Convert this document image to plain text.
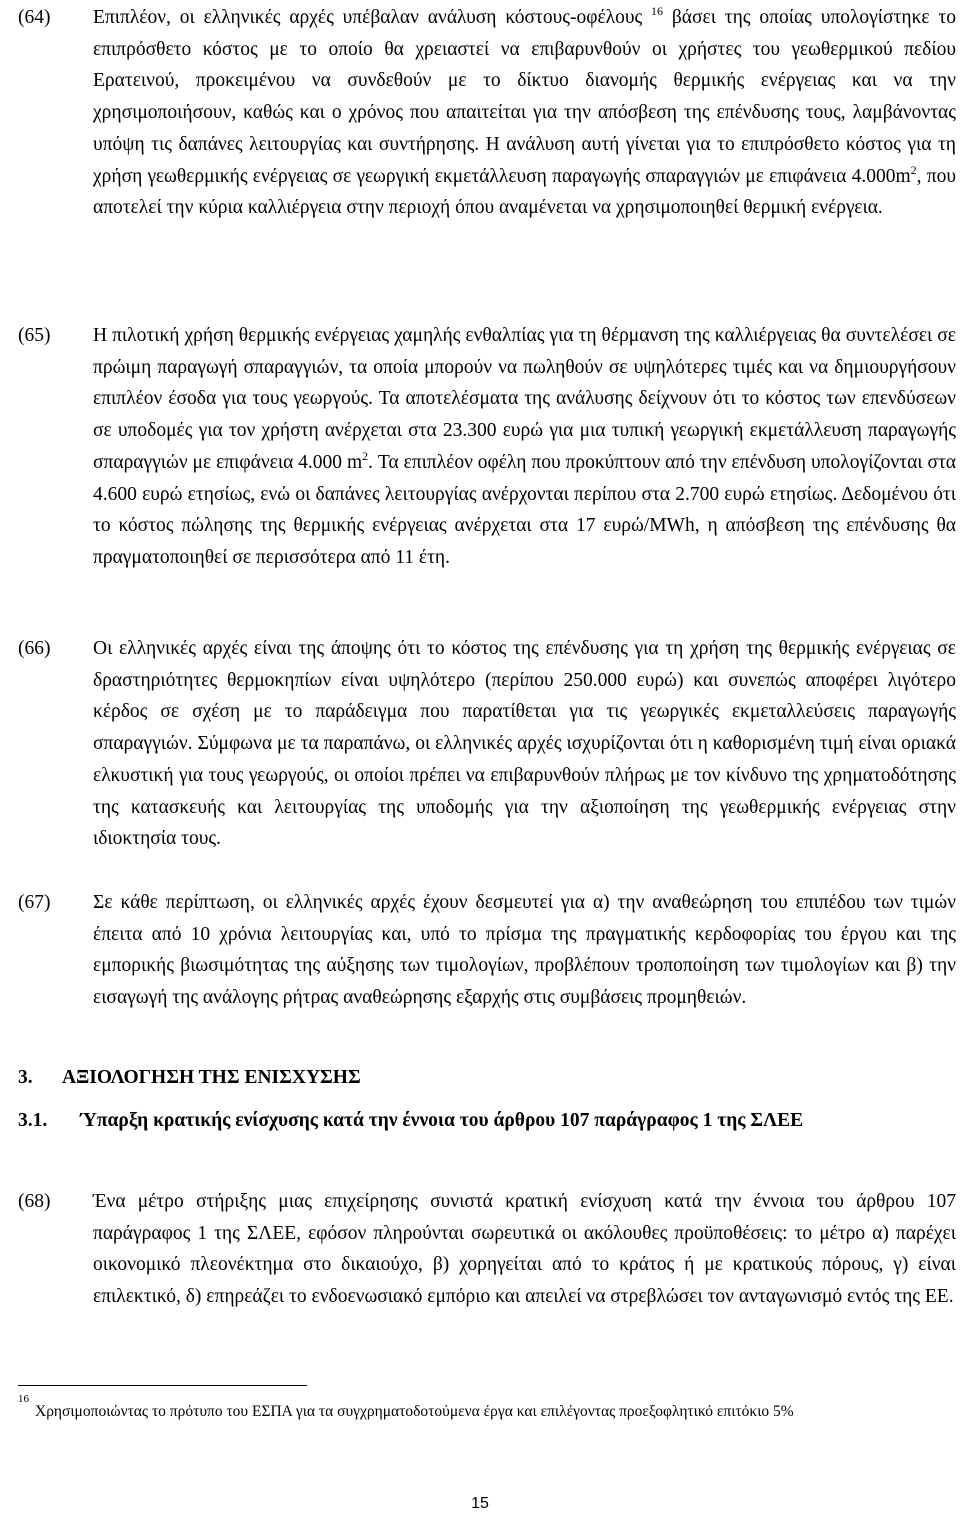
(64) Επιπλέον, οι ελληνικές αρχές υπέβαλαν ανάλυση κόστους-οφέλους $^{16}$ βάσει της οποίας υπολογίστηκε το επιπρόσθετο κόστος με το οποίο θα χρειαστεί να επιβαρυνθούν οι χρήστες του γεωθερμικού πεδίου Ερατεινού, προκειμένου να συνδεθούν με το δίκτυο διανομής θερμικής ενέργειας και να την χρησιμοποιήσουν, καθώς και ο χρόνος που απαιτείται για την απόσβεση της επένδυσης τους, λαμβάνοντας υπόψη τις δαπάνες λειτουργίας και συντήρησης. Η ανάλυση αυτή γίνεται για το επιπρόσθετο κόστος για τη χρήση γεωθερμικής ενέργειας σε γεωργική εκμετάλλευση παραγωγής σπαραγγιών με επιφάνεια $4.000m^2$, που αποτελεί την κύρια καλλιέργεια στην περιοχή όπου αναμένεται να χρησιμοποιηθεί θερμική ενέργεια.
(65) Η πιλοτική χρήση θερμικής ενέργειας χαμηλής ενθαλπίας για τη θέρμανση της καλλιέργειας θα συντελέσει σε πρώιμη παραγωγή σπαραγγιών, τα οποία μπορούν να πωληθούν σε υψηλότερες τιμές και να δημιουργήσουν επιπλέον έσοδα για τους γεωργούς. Τα αποτελέσματα της ανάλυσης δείχνουν ότι το κόστος των επενδύσεων σε υποδομές για τον χρήστη ανέρχεται στα 23.300 ευρώ για μια τυπική γεωργική εκμετάλλευση παραγωγής σπαραγγιών με επιφάνεια 4.000 $m^2$. Τα επιπλέον οφέλη που προκύπτουν από την επένδυση υπολογίζονται στα 4.600 ευρώ ετησίως, ενώ οι δαπάνες λειτουργίας ανέρχονται περίπου στα 2.700 ευρώ ετησίως. Δεδομένου ότι το κόστος πώλησης της θερμικής ενέργειας ανέρχεται στα 17 ευρώ/MWh, η απόσβεση της επένδυσης θα πραγματοποιηθεί σε περισσότερα από 11 έτη.
(66) Οι ελληνικές αρχές είναι της άποψης ότι το κόστος της επένδυσης για τη χρήση της θερμικής ενέργειας σε δραστηριότητες θερμοκηπίων είναι υψηλότερο (περίπου 250.000 ευρώ) και συνεπώς αποφέρει λιγότερο κέρδος σε σχέση με το παράδειγμα που παρατίθεται για τις γεωργικές εκμεταλλεύσεις παραγωγής σπαραγγιών. Σύμφωνα με τα παραπάνω, οι ελληνικές αρχές ισχυρίζονται ότι η καθορισμένη τιμή είναι οριακά ελκυστική για τους γεωργούς, οι οποίοι πρέπει να επιβαρυνθούν πλήρως με τον κίνδυνο της χρηματοδότησης της κατασκευής και λειτουργίας της υποδομής για την αξιοποίηση της γεωθερμικής ενέργειας στην ιδιοκτησία τους.
(67) Σε κάθε περίπτωση, οι ελληνικές αρχές έχουν δεσμευτεί για α) την αναθεώρηση του επιπέδου των τιμών έπειτα από 10 χρόνια λειτουργίας και, υπό το πρίσμα της πραγματικής κερδοφορίας του έργου και της εμπορικής βιωσιμότητας της αύξησης των τιμολογίων, προβλέπουν τροποποίηση των τιμολογίων και β) την εισαγωγή της ανάλογης ρήτρας αναθεώρησης εξαρχής στις συμβάσεις προμηθειών.
3. ΑΞΙΟΛΟΓΗΣΗ ΤΗΣ ΕΝΙΣΧΥΣΗΣ
3.1. Ύπαρξη κρατικής ενίσχυσης κατά την έννοια του άρθρου 107 παράγραφος 1 της ΣΛΕΕ
(68) Ένα μέτρο στήριξης μιας επιχείρησης συνιστά κρατική ενίσχυση κατά την έννοια του άρθρου 107 παράγραφος 1 της ΣΛΕΕ, εφόσον πληρούνται σωρευτικά οι ακόλουθες προϋποθέσεις: το μέτρο α) παρέχει οικονομικό πλεονέκτημα στο δικαιούχο, β) χορηγείται από το κράτος ή με κρατικούς πόρους, γ) είναι επιλεκτικό, δ) επηρεάζει το ενδοενωσιακό εμπόριο και απειλεί να στρεβλώσει τον ανταγωνισμό εντός της ΕΕ.
16
Χρησιμοποιώντας το πρότυπο του ΕΣΠΑ για τα συγχρηματοδοτούμενα έργα και επιλέγοντας προεξοφλητικό επιτόκιο 5%
15
